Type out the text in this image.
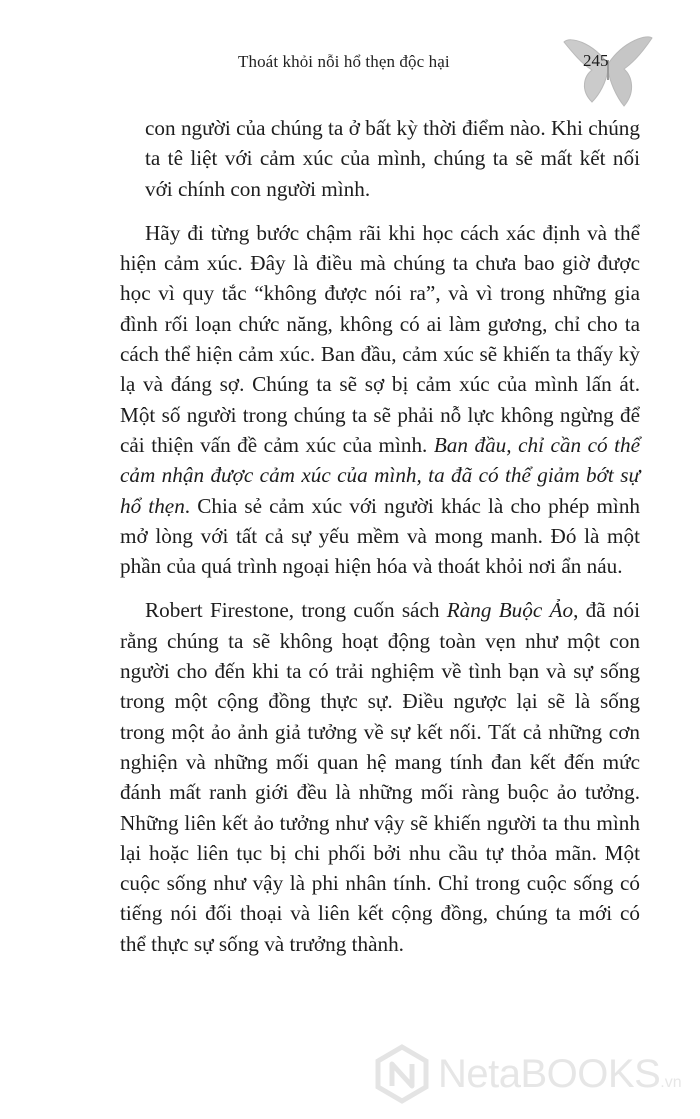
Thoát khỏi nỗi hổ thẹn độc hại	245

con người của chúng ta ở bất kỳ thời điểm nào. Khi chúng ta tê liệt với cảm xúc của mình, chúng ta sẽ mất kết nối với chính con người mình.

Hãy đi từng bước chậm rãi khi học cách xác định và thể hiện cảm xúc. Đây là điều mà chúng ta chưa bao giờ được học vì quy tắc “không được nói ra”, và vì trong những gia đình rối loạn chức năng, không có ai làm gương, chỉ cho ta cách thể hiện cảm xúc. Ban đầu, cảm xúc sẽ khiến ta thấy kỳ lạ và đáng sợ. Chúng ta sẽ sợ bị cảm xúc của mình lấn át. Một số người trong chúng ta sẽ phải nỗ lực không ngừng để cải thiện vấn đề cảm xúc của mình. Ban đầu, chỉ cần có thể cảm nhận được cảm xúc của mình, ta đã có thể giảm bớt sự hổ thẹn. Chia sẻ cảm xúc với người khác là cho phép mình mở lòng với tất cả sự yếu mềm và mong manh. Đó là một phần của quá trình ngoại hiện hóa và thoát khỏi nơi ẩn náu.

Robert Firestone, trong cuốn sách Ràng Buộc Ảo, đã nói rằng chúng ta sẽ không hoạt động toàn vẹn như một con người cho đến khi ta có trải nghiệm về tình bạn và sự sống trong một cộng đồng thực sự. Điều ngược lại sẽ là sống trong một ảo ảnh giả tưởng về sự kết nối. Tất cả những cơn nghiện và những mối quan hệ mang tính đan kết đến mức đánh mất ranh giới đều là những mối ràng buộc ảo tưởng. Những liên kết ảo tưởng như vậy sẽ khiến người ta thu mình lại hoặc liên tục bị chi phối bởi nhu cầu tự thỏa mãn. Một cuộc sống như vậy là phi nhân tính. Chỉ trong cuộc sống có tiếng nói đối thoại và liên kết cộng đồng, chúng ta mới có thể thực sự sống và trưởng thành.

NetaBOOKS.vn
